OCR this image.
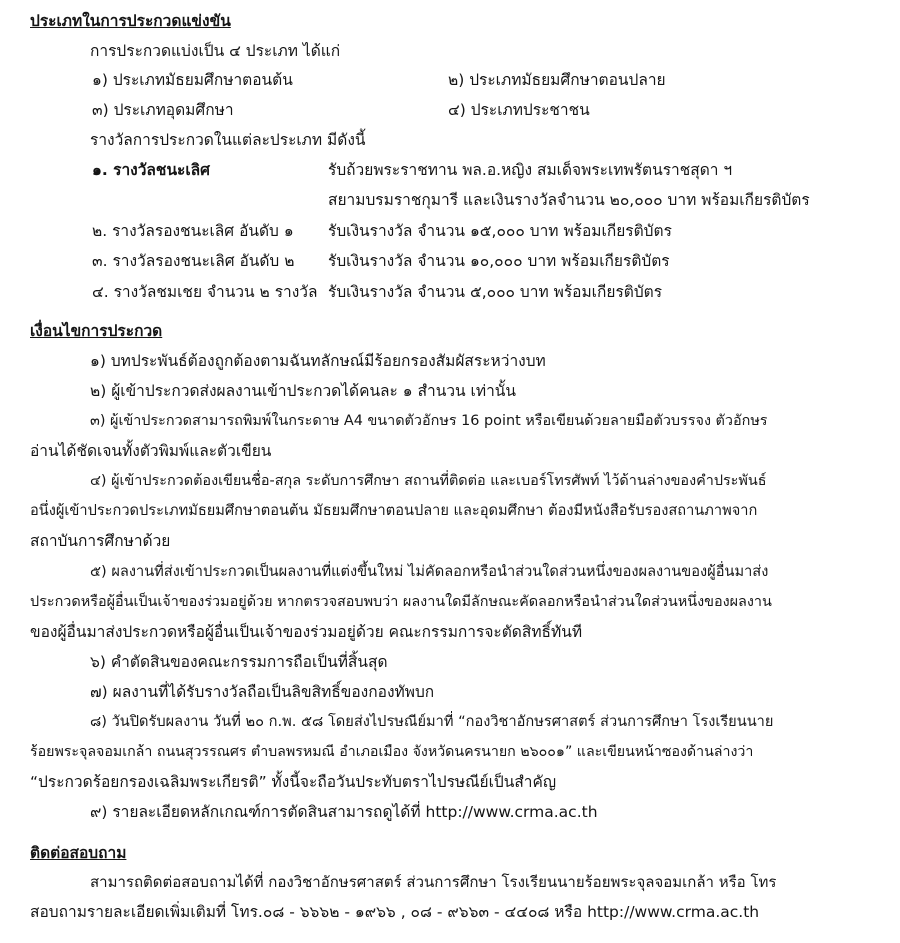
ประเภทในการประกวดแข่งขัน
การประกวดแบ่งเป็น ๔ ประเภท ได้แก่
๑) ประเภทมัธยมศึกษาตอนต้น	๒) ประเภทมัธยมศึกษาตอนปลาย
๓) ประเภทอุดมศึกษา	๔) ประเภทประชาชน
รางวัลการประกวดในแต่ละประเภท มีดังนี้
๑. รางวัลชนะเลิศ	รับถ้วยพระราชทาน พล.อ.หญิง สมเด็จพระเทพรัตนราชสุดา ฯ
สยามบรมราชกุมารี และเงินรางวัลจำนวน ๒๐,๐๐๐ บาท พร้อมเกียรติบัตร
๒. รางวัลรองชนะเลิศ อันดับ ๑ รับเงินรางวัล จำนวน ๑๕,๐๐๐ บาท พร้อมเกียรติบัตร
๓. รางวัลรองชนะเลิศ อันดับ ๒ รับเงินรางวัล จำนวน ๑๐,๐๐๐ บาท พร้อมเกียรติบัตร
๔. รางวัลชมเชย จำนวน ๒ รางวัล รับเงินรางวัล จำนวน ๕,๐๐๐ บาท พร้อมเกียรติบัตร
เงื่อนไขการประกวด
๑) บทประพันธ์ต้องถูกต้องตามฉันทลักษณ์มีร้อยกรองสัมผัสระหว่างบท
๒) ผู้เข้าประกวดส่งผลงานเข้าประกวดได้คนละ ๑ สำนวน เท่านั้น
๓) ผู้เข้าประกวดสามารถพิมพ์ในกระดาษ A4 ขนาดตัวอักษร 16 point หรือเขียนด้วยลายมือตัวบรรจง ตัวอักษร
อ่านได้ชัดเจนทั้งตัวพิมพ์และตัวเขียน
๔) ผู้เข้าประกวดต้องเขียนชื่อ-สกุล ระดับการศึกษา สถานที่ติดต่อ และเบอร์โทรศัพท์ ไว้ด้านล่างของคำประพันธ์
อนึ่งผู้เข้าประกวดประเภทมัธยมศึกษาตอนต้น มัธยมศึกษาตอนปลาย และอุดมศึกษา ต้องมีหนังสือรับรองสถานภาพจาก
สถาบันการศึกษาด้วย
๕) ผลงานที่ส่งเข้าประกวดเป็นผลงานที่แต่งขึ้นใหม่ ไม่คัดลอกหรือนำส่วนใดส่วนหนึ่งของผลงานของผู้อื่นมาส่ง
ประกวดหรือผู้อื่นเป็นเจ้าของร่วมอยู่ด้วย หากตรวจสอบพบว่า ผลงานใดมีลักษณะคัดลอกหรือนำส่วนใดส่วนหนึ่งของผลงาน
ของผู้อื่นมาส่งประกวดหรือผู้อื่นเป็นเจ้าของร่วมอยู่ด้วย คณะกรรมการจะตัดสิทธิ์ทันที
๖) คำตัดสินของคณะกรรมการถือเป็นที่สิ้นสุด
๗) ผลงานที่ได้รับรางวัลถือเป็นลิขสิทธิ์ของกองทัพบก
๘) วันปิดรับผลงาน วันที่ ๒๐ ก.พ. ๕๘ โดยส่งไปรษณีย์มาที่ “กองวิชาอักษรศาสตร์ ส่วนการศึกษา โรงเรียนนาย
ร้อยพระจุลจอมเกล้า ถนนสุวรรณศร ตำบลพรหมณี อำเภอเมือง จังหวัดนครนายก ๒๖๐๐๑” และเขียนหน้าซองด้านล่างว่า
“ประกวดร้อยกรองเฉลิมพระเกียรติ” ทั้งนี้จะถือวันประทับตราไปรษณีย์เป็นสำคัญ
๙) รายละเอียดหลักเกณฑ์การตัดสินสามารถดูได้ที่ http://www.crma.ac.th
ติดต่อสอบถาม
สามารถติดต่อสอบถามได้ที่ กองวิชาอักษรศาสตร์ ส่วนการศึกษา โรงเรียนนายร้อยพระจุลจอมเกล้า หรือ โทร
สอบถามรายละเอียดเพิ่มเติมที่ โทร.๐๘ - ๖๖๖๒ - ๑๙๖๖ , ๐๘ - ๙๖๖๓ - ๔๔๐๘ หรือ http://www.crma.ac.th
